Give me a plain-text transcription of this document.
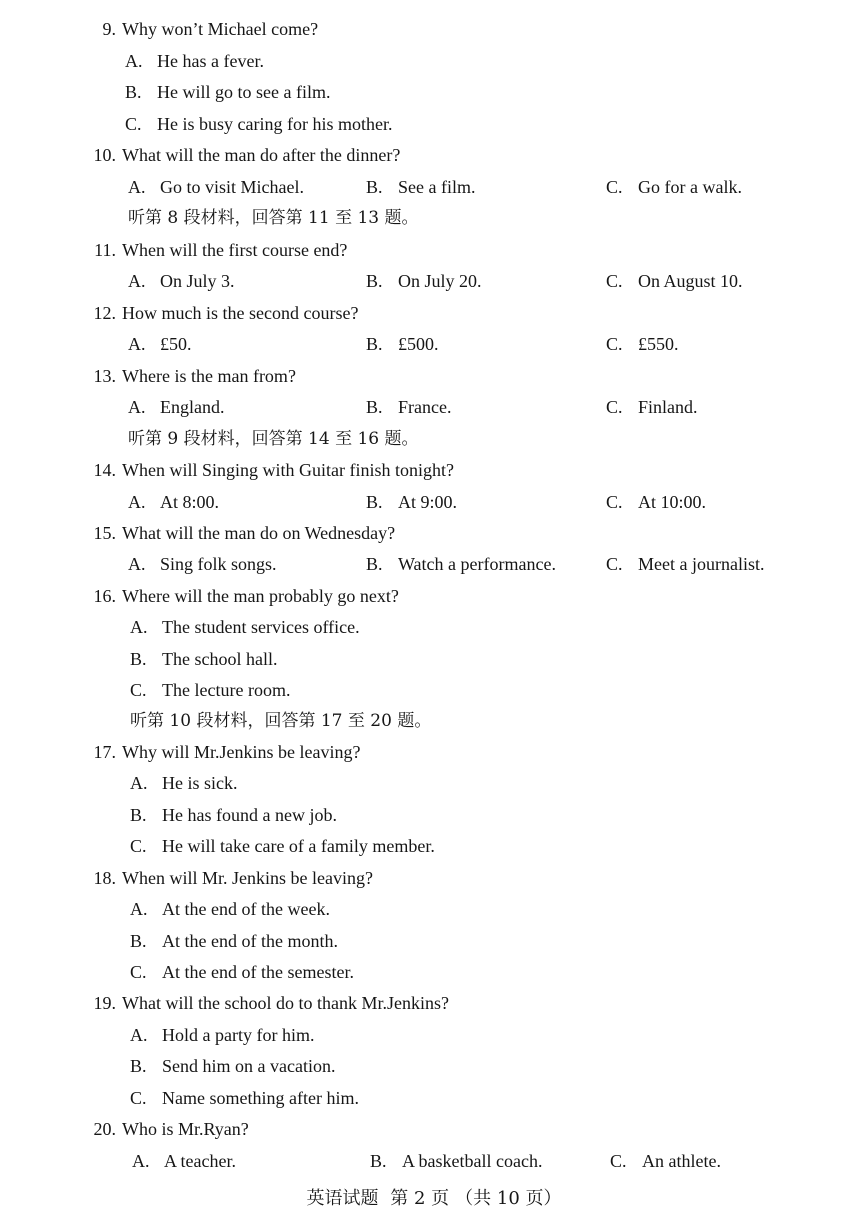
9. Why won’t Michael come?
A. He has a fever.
B. He will go to see a film.
C. He is busy caring for his mother.
10. What will the man do after the dinner?
A. Go to visit Michael.	B. See a film.	C. Go for a walk.
听第 8 段材料，回答第 11 至 13 题。
11. When will the first course end?
A. On July 3.	B. On July 20.	C. On August 10.
12. How much is the second course?
A. £50.	B. £500.	C. £550.
13. Where is the man from?
A. England.	B. France.	C. Finland.
听第 9 段材料，回答第 14 至 16 题。
14. When will Singing with Guitar finish tonight?
A. At 8:00.	B. At 9:00.	C. At 10:00.
15. What will the man do on Wednesday?
A. Sing folk songs.	B. Watch a performance.	C. Meet a journalist.
16. Where will the man probably go next?
A. The student services office.
B. The school hall.
C. The lecture room.
听第 10 段材料，回答第 17 至 20 题。
17. Why will Mr.Jenkins be leaving?
A. He is sick.
B. He has found a new job.
C. He will take care of a family member.
18. When will Mr. Jenkins be leaving?
A. At the end of the week.
B. At the end of the month.
C. At the end of the semester.
19. What will the school do to thank Mr.Jenkins?
A. Hold a party for him.
B. Send him on a vacation.
C. Name something after him.
20. Who is Mr.Ryan?
A. A teacher.	B. A basketball coach.	C. An athlete.
英语试题 第 2 页 （共 10 页）
